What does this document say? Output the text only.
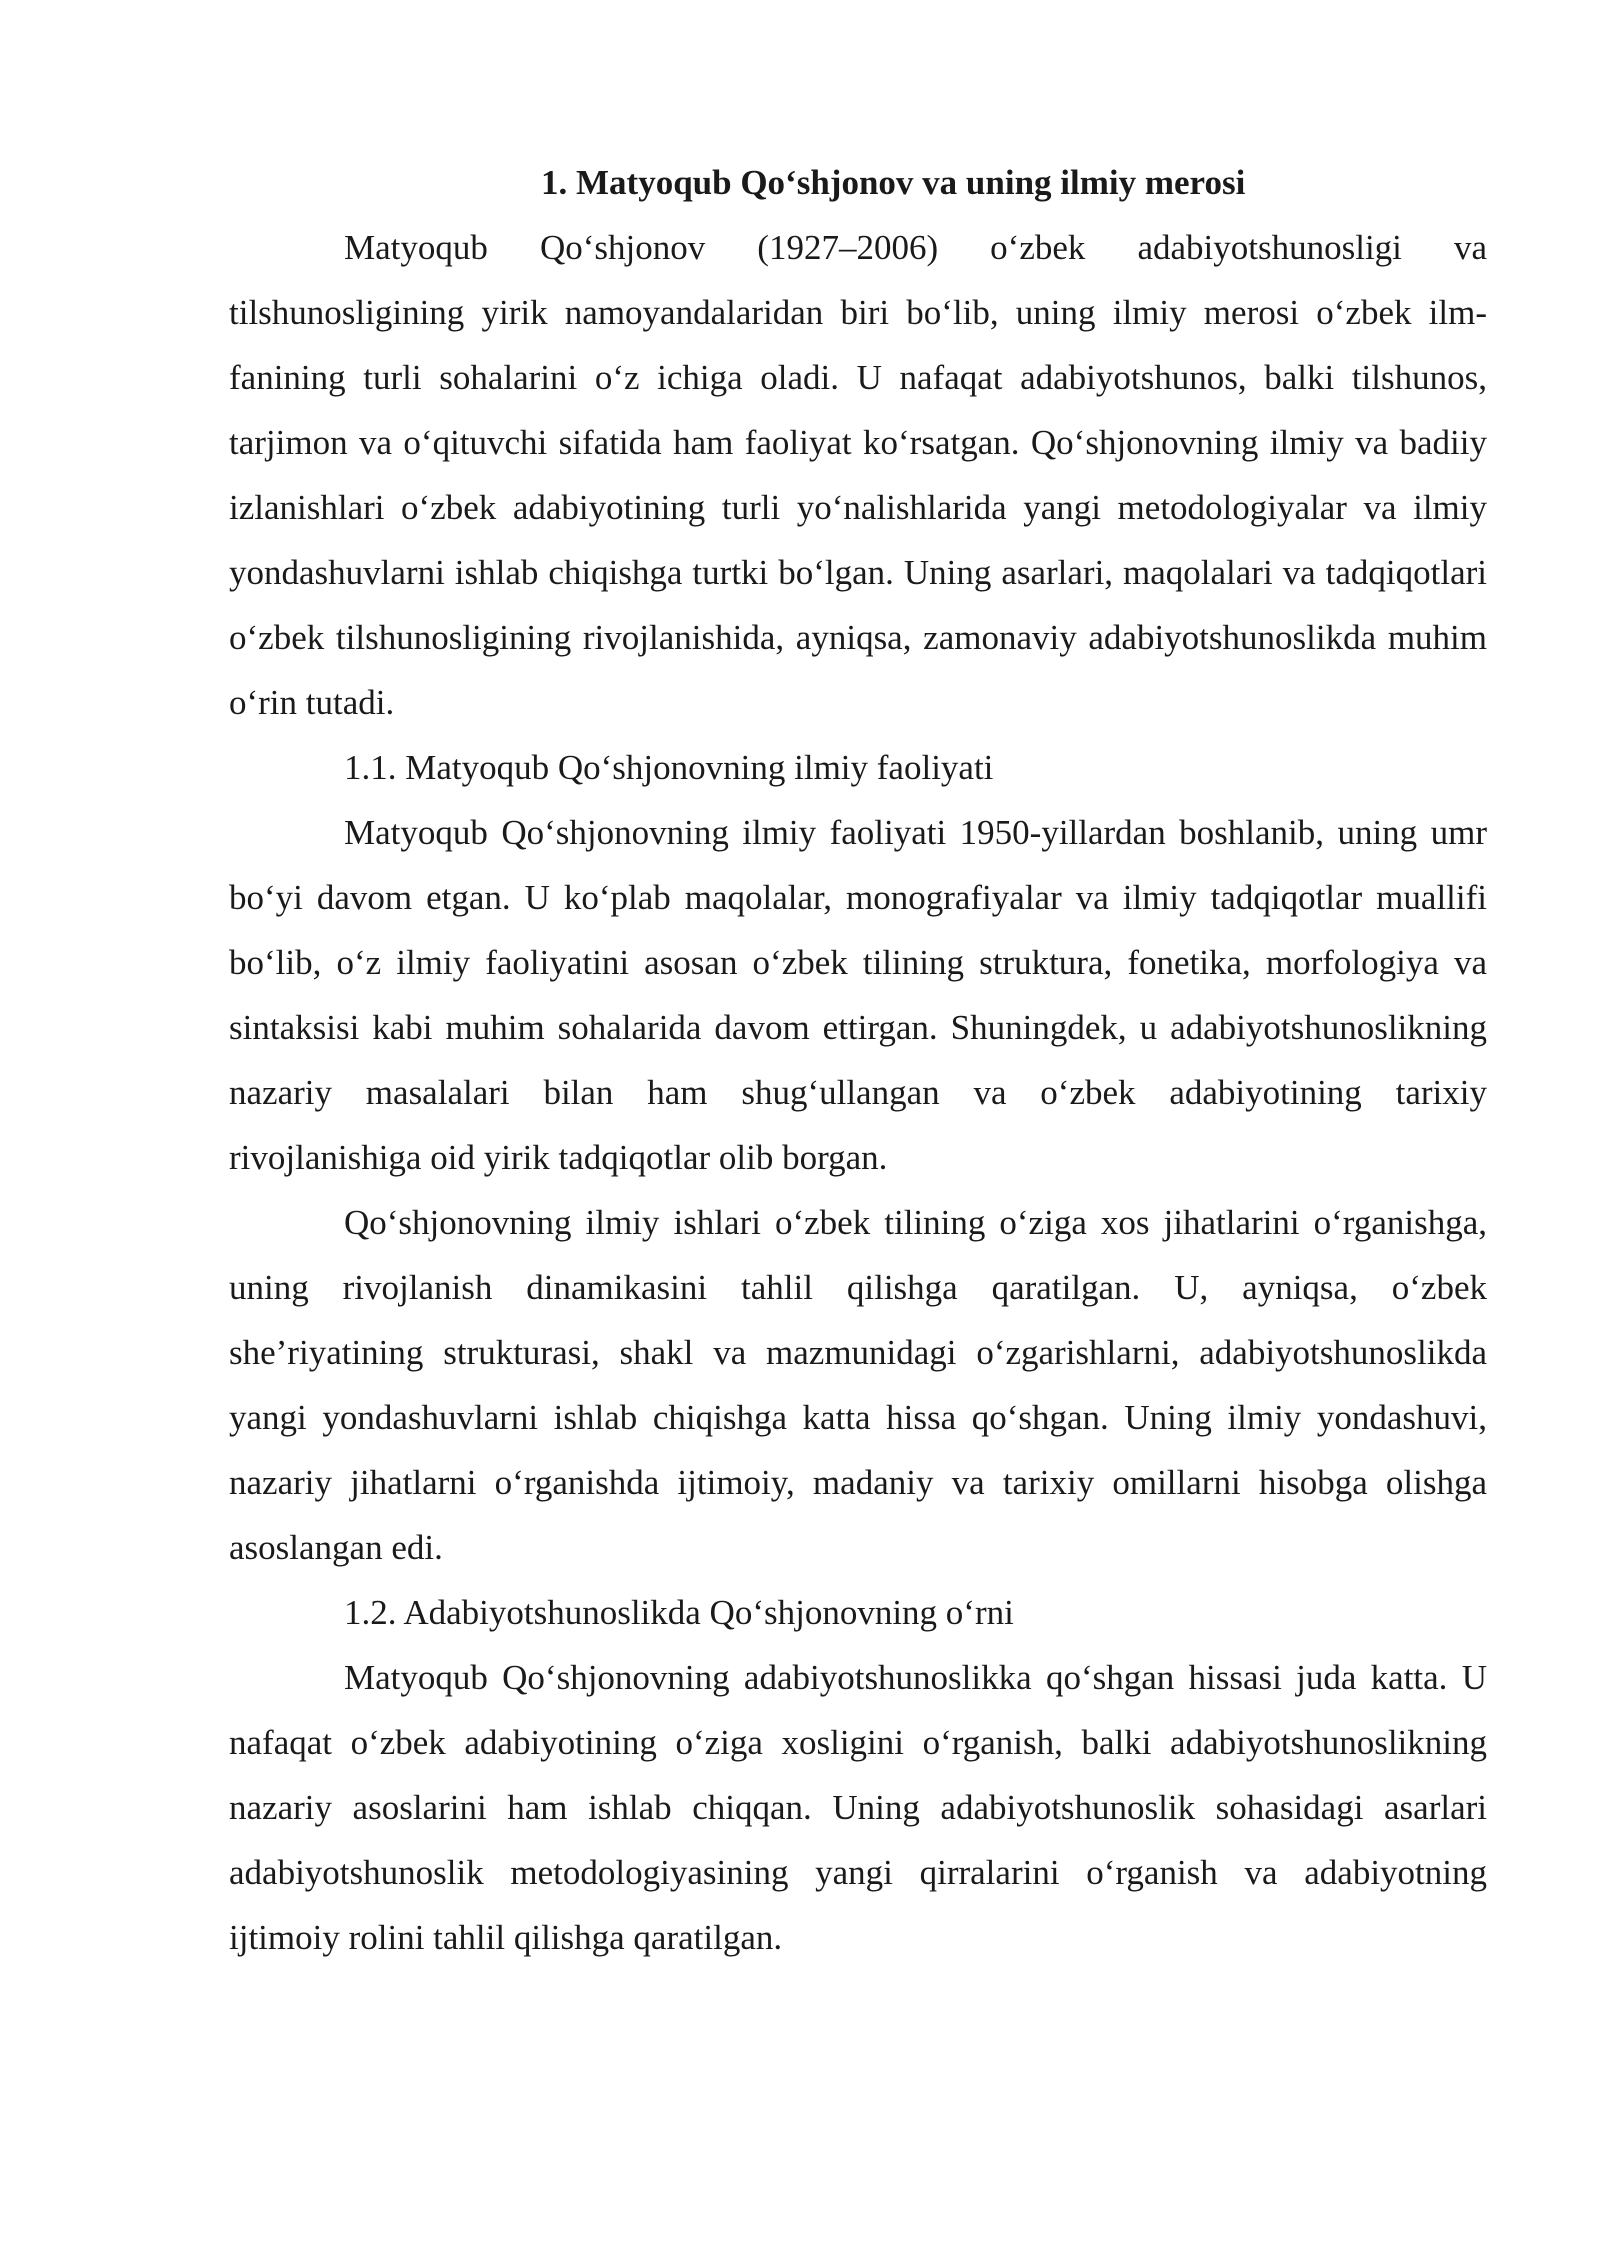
1. Matyoqub Qo‘shjonov va uning ilmiy merosi

Matyoqub Qo‘shjonov (1927–2006) o‘zbek adabiyotshunosligi va tilshunosligining yirik namoyandalaridan biri bo‘lib, uning ilmiy merosi o‘zbek ilm-fanining turli sohalarini o‘z ichiga oladi. U nafaqat adabiyotshunos, balki tilshunos, tarjimon va o‘qituvchi sifatida ham faoliyat ko‘rsatgan. Qo‘shjonovning ilmiy va badiiy izlanishlari o‘zbek adabiyotining turli yo‘nalishlarida yangi metodologiyalar va ilmiy yondashuvlarni ishlab chiqishga turtki bo‘lgan. Uning asarlari, maqolalari va tadqiqotlari o‘zbek tilshunosligining rivojlanishida, ayniqsa, zamonaviy adabiyotshunoslikda muhim o‘rin tutadi.

1.1. Matyoqub Qo‘shjonovning ilmiy faoliyati

Matyoqub Qo‘shjonovning ilmiy faoliyati 1950-yillardan boshlanib, uning umr bo‘yi davom etgan. U ko‘plab maqolalar, monografiyalar va ilmiy tadqiqotlar muallifi bo‘lib, o‘z ilmiy faoliyatini asosan o‘zbek tilining struktura, fonetika, morfologiya va sintaksisi kabi muhim sohalarida davom ettirgan. Shuningdek, u adabiyotshunoslikning nazariy masalalari bilan ham shug‘ullangan va o‘zbek adabiyotining tarixiy rivojlanishiga oid yirik tadqiqotlar olib borgan.

Qo‘shjonovning ilmiy ishlari o‘zbek tilining o‘ziga xos jihatlarini o‘rganishga, uning rivojlanish dinamikasini tahlil qilishga qaratilgan. U, ayniqsa, o‘zbek she’riyatining strukturasi, shakl va mazmunidagi o‘zgarishlarni, adabiyotshunoslikda yangi yondashuvlarni ishlab chiqishga katta hissa qo‘shgan. Uning ilmiy yondashuvi, nazariy jihatlarni o‘rganishda ijtimoiy, madaniy va tarixiy omillarni hisobga olishga asoslangan edi.

1.2. Adabiyotshunoslikda Qo‘shjonovning o‘rni

Matyoqub Qo‘shjonovning adabiyotshunoslikka qo‘shgan hissasi juda katta. U nafaqat o‘zbek adabiyotining o‘ziga xosligini o‘rganish, balki adabiyotshunoslikning nazariy asoslarini ham ishlab chiqqan. Uning adabiyotshunoslik sohasidagi asarlari adabiyotshunoslik metodologiyasining yangi qirralarini o‘rganish va adabiyotning ijtimoiy rolini tahlil qilishga qaratilgan.
